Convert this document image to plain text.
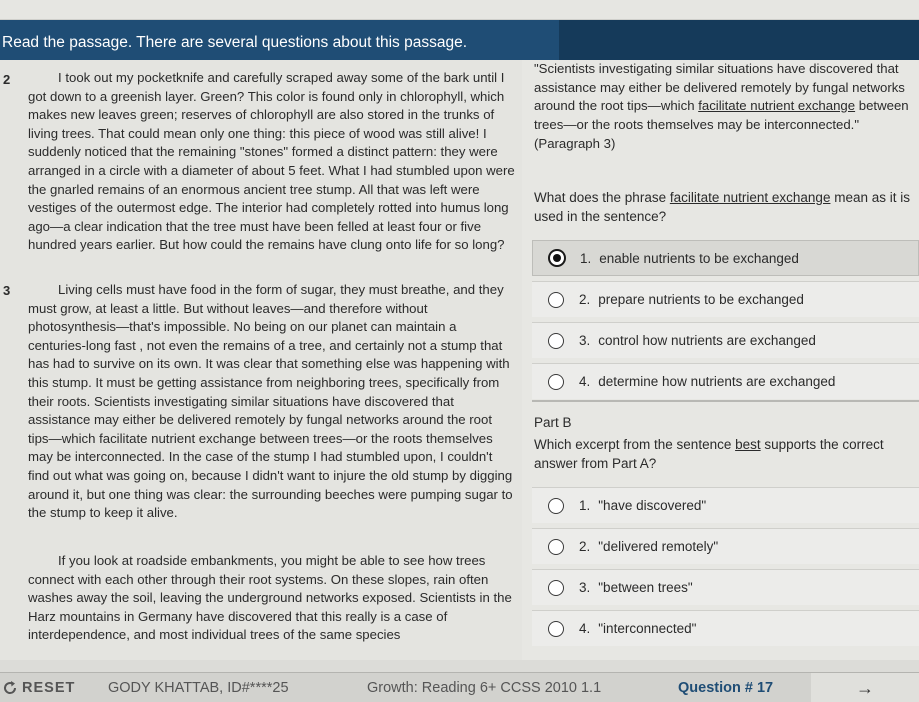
Read the passage. There are several questions about this passage.
2	I took out my pocketknife and carefully scraped away some of the bark until I got down to a greenish layer. Green? This color is found only in chlorophyll, which makes new leaves green; reserves of chlorophyll are also stored in the trunks of living trees. That could mean only one thing: this piece of wood was still alive! I suddenly noticed that the remaining "stones" formed a distinct pattern: they were arranged in a circle with a diameter of about 5 feet. What I had stumbled upon were the gnarled remains of an enormous ancient tree stump. All that was left were vestiges of the outermost edge. The interior had completely rotted into humus long ago—a clear indication that the tree must have been felled at least four or five hundred years earlier. But how could the remains have clung onto life for so long?
3	Living cells must have food in the form of sugar, they must breathe, and they must grow, at least a little. But without leaves—and therefore without photosynthesis—that's impossible. No being on our planet can maintain a centuries-long fast , not even the remains of a tree, and certainly not a stump that has had to survive on its own. It was clear that something else was happening with this stump. It must be getting assistance from neighboring trees, specifically from their roots. Scientists investigating similar situations have discovered that assistance may either be delivered remotely by fungal networks around the root tips—which facilitate nutrient exchange between trees—or the roots themselves may be interconnected. In the case of the stump I had stumbled upon, I couldn't find out what was going on, because I didn't want to injure the old stump by digging around it, but one thing was clear: the surrounding beeches were pumping sugar to the stump to keep it alive.
If you look at roadside embankments, you might be able to see how trees connect with each other through their root systems. On these slopes, rain often washes away the soil, leaving the underground networks exposed. Scientists in the Harz mountains in Germany have discovered that this really is a case of interdependence, and most individual trees of the same species
"Scientists investigating similar situations have discovered that assistance may either be delivered remotely by fungal networks around the root tips—which facilitate nutrient exchange between trees—or the roots themselves may be interconnected."
(Paragraph 3)
What does the phrase facilitate nutrient exchange mean as it is used in the sentence?
1. enable nutrients to be exchanged
2. prepare nutrients to be exchanged
3. control how nutrients are exchanged
4. determine how nutrients are exchanged
Part B
Which excerpt from the sentence best supports the correct answer from Part A?
1. "have discovered"
2. "delivered remotely"
3. "between trees"
4. "interconnected"
RESET GODY KHATTAB, ID#****25	Growth: Reading 6+ CCSS 2010 1.1	Question # 17	→
